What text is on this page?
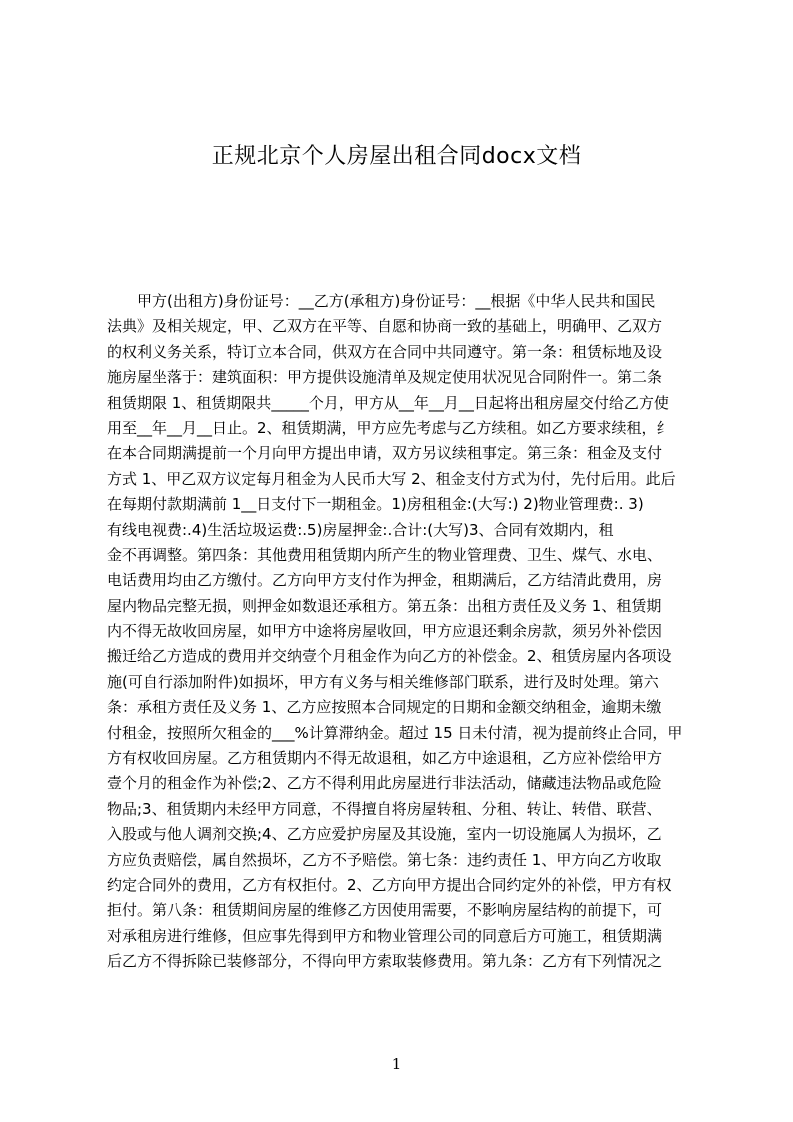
正规北京个人房屋出租合同docx文档
　　甲方(出租方)身份证号：__乙方(承租方)身份证号：__根据《中华人民共和国民
法典》及相关规定，甲、乙双方在平等、自愿和协商一致的基础上，明确甲、乙双方
的权利义务关系，特订立本合同，供双方在合同中共同遵守。第一条：租赁标地及设
施房屋坐落于：建筑面积：甲方提供设施清单及规定使用状况见合同附件一。第二条
租赁期限 1、租赁期限共_____个月，甲方从__年__月__日起将出租房屋交付给乙方使
用至__年__月__日止。2、租赁期满，甲方应先考虑与乙方续租。如乙方要求续租，纟
在本合同期满提前一个月向甲方提出申请，双方另议续租事定。第三条：租金及支付
方式 1、甲乙双方议定每月租金为人民币大写 2、租金支付方式为付，先付后用。此后
在每期付款期满前 1__日支付下一期租金。1)房租租金:(大写:) 2)物业管理费:. 3)
有线电视费:.4)生活垃圾运费:.5)房屋押金:.合计:(大写)3、合同有效期内，租
金不再调整。第四条：其他费用租赁期内所产生的物业管理费、卫生、煤气、水电、
电话费用均由乙方缴付。乙方向甲方支付作为押金，租期满后，乙方结清此费用，房
屋内物品完整无损，则押金如数退还承租方。第五条：出租方责任及义务 1、租赁期
内不得无故收回房屋，如甲方中途将房屋收回，甲方应退还剩余房款，须另外补偿因
搬迁给乙方造成的费用并交纳壹个月租金作为向乙方的补偿金。2、租赁房屋内各项设
施(可自行添加附件)如损坏，甲方有义务与相关维修部门联系，进行及时处理。第六
条：承租方责任及义务 1、乙方应按照本合同规定的日期和金额交纳租金，逾期未缴
付租金，按照所欠租金的___%计算滞纳金。超过 15 日未付清，视为提前终止合同，甲
方有权收回房屋。乙方租赁期内不得无故退租，如乙方中途退租，乙方应补偿给甲方
壹个月的租金作为补偿;2、乙方不得利用此房屋进行非法活动，储藏违法物品或危险
物品;3、租赁期内未经甲方同意，不得擅自将房屋转租、分租、转让、转借、联营、
入股或与他人调剂交换;4、乙方应爱护房屋及其设施，室内一切设施属人为损坏，乙
方应负责赔偿，属自然损坏，乙方不予赔偿。第七条：违约责任 1、甲方向乙方收取
约定合同外的费用，乙方有权拒付。2、乙方向甲方提出合同约定外的补偿，甲方有权
拒付。第八条：租赁期间房屋的维修乙方因使用需要，不影响房屋结构的前提下，可
对承租房进行维修，但应事先得到甲方和物业管理公司的同意后方可施工，租赁期满
后乙方不得拆除已装修部分，不得向甲方索取装修费用。第九条：乙方有下列情况之
1
